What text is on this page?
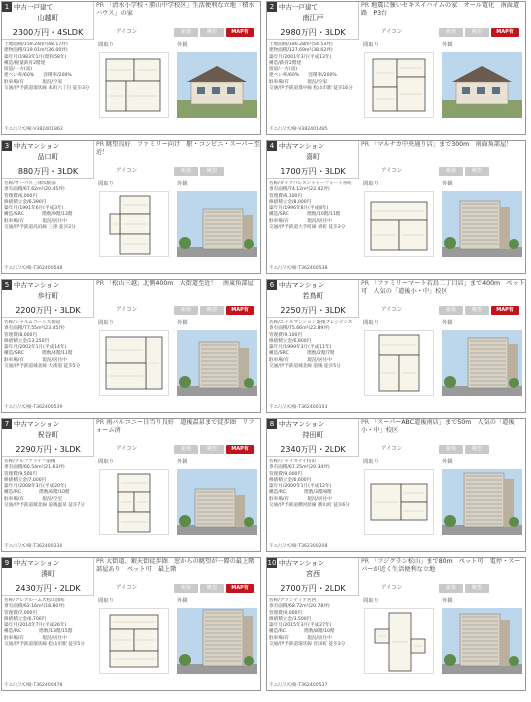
1 中古一戸建て
山越町
2300万円・4SLDK
PR 「清水小学校・勝山中学校区」生活便利な立地「積水ハウス」の家
アイコン	新規	眺望	MAP有
土地面積/159.24m²(48.17坪)
建物面積/119.01m²(36.00坪)
築年月/1983年1月(昭和58年)
構造/軽量鉄骨2階建
接道/一方(南)
建ぺい率/60%　　容積率/200%
駐車場/有　　　　現況/空家
交通/伊予鉄道環状線 本町六丁目 徒歩3分
間取り	外観
不エ/ジ/ズ/検-V382401863
2 中古一戸建て
南江戸
2980万円・3LDK
PR 地震に強いセキスイハイムの家　オール電化　南面道路　P3台
アイコン	新規	眺望	MAP有
土地面積/180.28m²(54.53坪)
建物面積/127.69m²(38.62坪)
築年月/2001年3月(平成13年)
構造/鉄骨2階建
接道/一方(南)
建ぺい率/60%　　容積率/200%
駐車場/有　　　　現況/空家
交通/伊予鉄道郡中線 松山市駅 徒歩16分
間取り	外観
不エ/ジ/ズ/検-V382401485
3 中古マンション
品口町
880万円・3LDK
PR 眺望良好　ファミリー向け　駅・コンビニ・スーパー至近！
アイコン	新規	眺望
名称/サーパス三津浜駅前
専有面積/67.62m²(20.45坪)
管理費/6,000円
修繕積立金/6,390円
築年月/1991年6月(平成3年)
構造/SRC　　　　階数/9階/13階
駐車場/有　　　　現況/居住中
交通/伊予鉄道高浜線 三津 徒歩2分
間取り	外観
不エ/ジ/ズ/検-T362400548
4 中古マンション
喜町
1700万円・3LDK
PR 「マルナカ中央通り店」まで300m　南面角部屋！
アイコン	新規	眺望
名称/ダイアパレスシャトーフォート喜町
専有面積/74.12m²(22.42坪)
管理費/6,100円
修繕積立金/8,000円
築年月/1996年8月(平成8年)
構造/SRC　　　　階数/10階/11階
駐車場/有　　　　現況/居住中
交通/伊予鉄道大手町線 喜町 徒歩3分
間取り	外観
不エ/ジ/ズ/検-T362400538
5 中古マンション
歩行町
2200万円・3LDK
PR 「松山三越」北側400m　大街道至近！　南東角部屋
アイコン	新規	眺望	MAP有
名称/シャルムコート大街道
専有面積/77.55m²(23.45坪)
管理費/8,000円
修繕積立金/13,250円
築年月/2002年1月(平成14年)
構造/SRC　　　　階数/4階/11階
駐車場/有　　　　現況/居住中
交通/伊予鉄道城北線 大街道 徒歩5分
間取り	外観
不エ/ジ/ズ/検-T362400539
6 中古マンション
若鳥町
2250万円・3LDK
PR 「ファミリーマート若鳥二丁目店」まで400m　ペット可　人気の「道後小・中」校区
アイコン	新規	眺望	MAP有
名称/エイルマンション道後プレジデンス
専有面積/75.66m²(22.89坪)
管理費/9,100円
修繕積立金/6,800円
築年月/1999年3月(平成11年)
構造/SRC　　　　階数/2階/7階
駐車場/有　　　　現況/居住中
交通/伊予鉄道城北線 道後 徒歩5分
間取り	外観
不エ/ジ/ズ/検-T362400103
7 中古マンション
祝谷町
2290万円・3LDK
PR 南バルコニー日当り良好　道後温泉まで徒歩圏　リフォーム済
アイコン	新規	眺望	MAP有
名称/アルファライフ道後
専有面積/66.54m²(21.63坪)
管理費/9,500円
修繕積立金/7,000円
築年月/2008年3月(平成20年)
構造/RC　　　　階数/6階/10階
駐車場/有　　　　現況/空室
交通/伊予鉄道城北線 道後温泉 徒歩7分
間取り	外観
不エ/ジ/ズ/検-T362400330
8 中古マンション
持田町
2340万円・2LDK
PR 「スーパーABC道後南店」まで50m　人気の「道後小・中」校区
アイコン	新規	眺望
名称/ジャイカテイ持田
専有面積/67.25m²(20.34坪)
管理費/9,000円
修繕積立金/6,600円
築年月/2000年1月(平成12年)
構造/RC　　　　階数/3階/8階
駐車場/有　　　　現況/居住中
交通/伊予鉄道横河原線 勝山町 徒歩6分
間取り	外観
不エ/ジ/ズ/検-T362300208
9 中古マンション
湊町
2430万円・2LDK
PR 大街道、銀天街徒歩圏　窓からの眺望が一際の最上階部屋あり　ペット可　最上階
アイコン	新規	眺望	MAP有
名称/クレアルームズ松山湊町
専有面積/62.16m²(18.80坪)
管理費/7,000円
修繕積立金/6,700円
築年月/2014年7月(平成26年)
構造/RC　　　　階数/13階/15階
駐車場/有　　　　現況/居住中
交通/伊予鉄道環状線 松山市駅 徒歩5分
間取り	外観
不エ/ジ/ズ/検-T362400478
10 中古マンション
宮西
2700万円・2LDK
PR 「フジグラン松山」まで80m　ペット可　電停・スーパーが近く生活便利な立地
アイコン	新規	眺望
名称/グランディア宮西
専有面積/68.72m²(20.78坪)
管理費/9,000円
修繕積立金/3,500円
築年月/2015年3月(平成27年)
構造/RC　　　　階数/8階/10階
駐車場/有　　　　現況/居住中
交通/伊予鉄道環状線 宮田町 徒歩3分
間取り	外観
不エ/ジ/ズ/検-T362400537
